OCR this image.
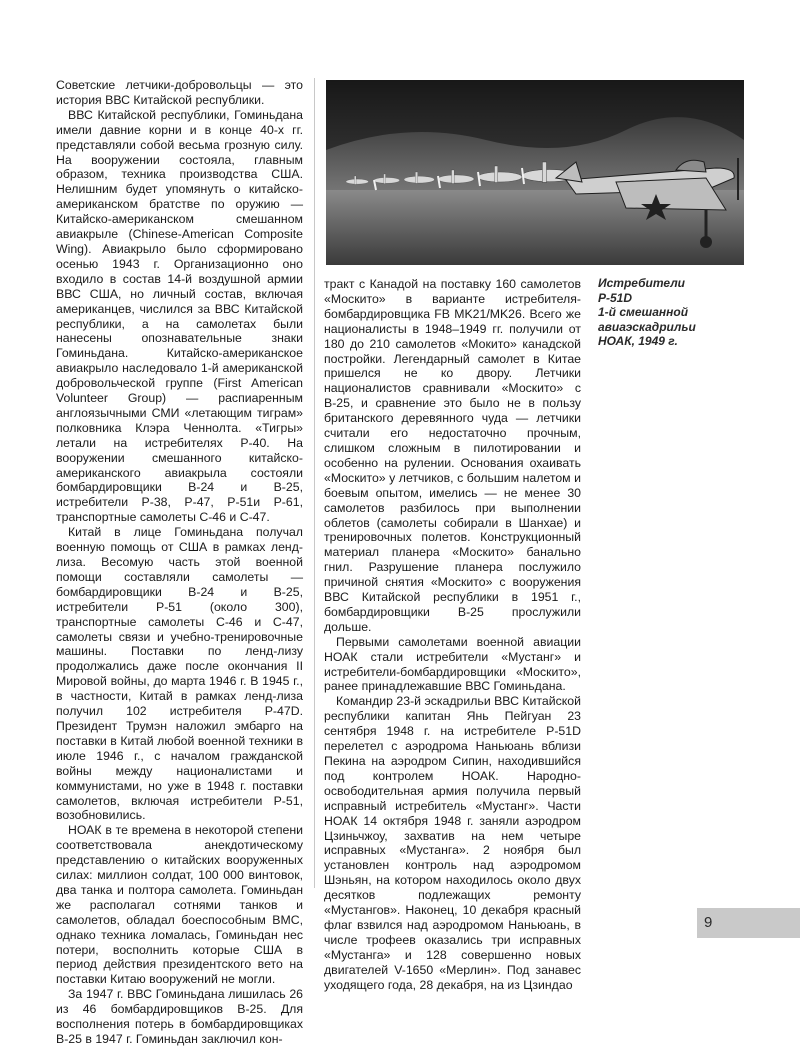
Советские летчики-добровольцы — это история ВВС Китайской республики.

ВВС Китайской республики, Гоминьдана имели давние корни и в конце 40-х гг. представляли собой весьма грозную силу. На вооружении состояла, главным образом, техника производства США. Нелишним будет упомянуть о китайско-американском братстве по оружию — Китайско-американском смешанном авиакрыле (Chinese-American Composite Wing). Авиакрыло было сформировано осенью 1943 г. Организационно оно входило в состав 14-й воздушной армии ВВС США, но личный состав, включая американцев, числился за ВВС Китайской республики, а на самолетах были нанесены опознавательные знаки Гоминьдана. Китайско-американское авиакрыло наследовало 1-й американской добровольческой группе (First American Volunteer Group) — распиаренным англоязычными СМИ «летающим тиграм» полковника Клэра Ченнолта. «Тигры» летали на истребителях Р-40. На вооружении смешанного китайско-американского авиакрыла состояли бомбардировщики В-24 и В-25, истребители Р-38, Р-47, Р-51и Р-61, транспортные самолеты С-46 и С-47.

Китай в лице Гоминьдана получал военную помощь от США в рамках ленд-лиза. Весомую часть этой военной помощи составляли самолеты — бомбардировщики В-24 и В-25, истребители Р-51 (около 300), транспортные самолеты С-46 и С-47, самолеты связи и учебно-тренировочные машины. Поставки по ленд-лизу продолжались даже после окончания II Мировой войны, до марта 1946 г. В 1945 г., в частности, Китай в рамках ленд-лиза получил 102 истребителя Р-47D. Президент Трумэн наложил эмбарго на поставки в Китай любой военной техники в июле 1946 г., с началом гражданской войны между националистами и коммунистами, но уже в 1948 г. поставки самолетов, включая истребители Р-51, возобновились.

НОАК в те времена в некоторой степени соответствовала анекдотическому представлению о китайских вооруженных силах: миллион солдат, 100 000 винтовок, два танка и полтора самолета. Гоминьдан же располагал сотнями танков и самолетов, обладал боеспособным ВМС, однако техника ломалась, Гоминьдан нес потери, восполнить которые США в период действия президентского вето на поставки Китаю вооружений не могли.

За 1947 г. ВВС Гоминьдана лишилась 26 из 46 бомбардировщиков В-25. Для восполнения потерь в бомбардировщиках В-25 в 1947 г. Гоминьдан заключил кон-

тракт с Канадой на поставку 160 самолетов «Москито» в варианте истребителя-бомбардировщика FB MK21/MK26. Всего же националисты в 1948–1949 гг. получили от 180 до 210 самолетов «Мокито» канадской постройки. Легендарный самолет в Китае пришелся не ко двору. Летчики националистов сравнивали «Москито» с В-25, и сравнение это было не в пользу британского деревянного чуда — летчики считали его недостаточно прочным, слишком сложным в пилотировании и особенно на рулении. Основания охаивать «Москито» у летчиков, с большим налетом и боевым опытом, имелись — не менее 30 самолетов разбилось при выполнении облетов (самолеты собирали в Шанхае) и тренировочных полетов. Конструкционный материал планера «Москито» банально гнил. Разрушение планера послужило причиной снятия «Москито» с вооружения ВВС Китайской республики в 1951 г., бомбардировщики В-25 прослужили дольше.

Первыми самолетами военной авиации НОАК стали истребители «Мустанг» и истребители-бомбардировщики «Москито», ранее принадлежавшие ВВС Гоминьдана.

Командир 23-й эскадрильи ВВС Китайской республики капитан Янь Пейгуан 23 сентября 1948 г. на истребителе Р-51D перелетел с аэродрома Наньюань вблизи Пекина на аэродром Сипин, находившийся под контролем НОАК. Народно-освободительная армия получила первый исправный истребитель «Мустанг». Части НОАК 14 октября 1948 г. заняли аэродром Цзиньчжоу, захватив на нем четыре исправных «Мустанга». 2 ноября был установлен контроль над аэродромом Шэньян, на котором находилось около двух десятков подлежащих ремонту «Мустангов». Наконец, 10 декабря красный флаг взвился над аэродромом Наньюань, в числе трофеев оказались три исправных «Мустанга» и 128 совершенно новых двигателей V-1650 «Мерлин». Под занавес уходящего года, 28 декабря, на из Цзиндао

Истребители
Р-51D
1-й смешанной
авиаэскадрильи
НОАК, 1949 г.
9
